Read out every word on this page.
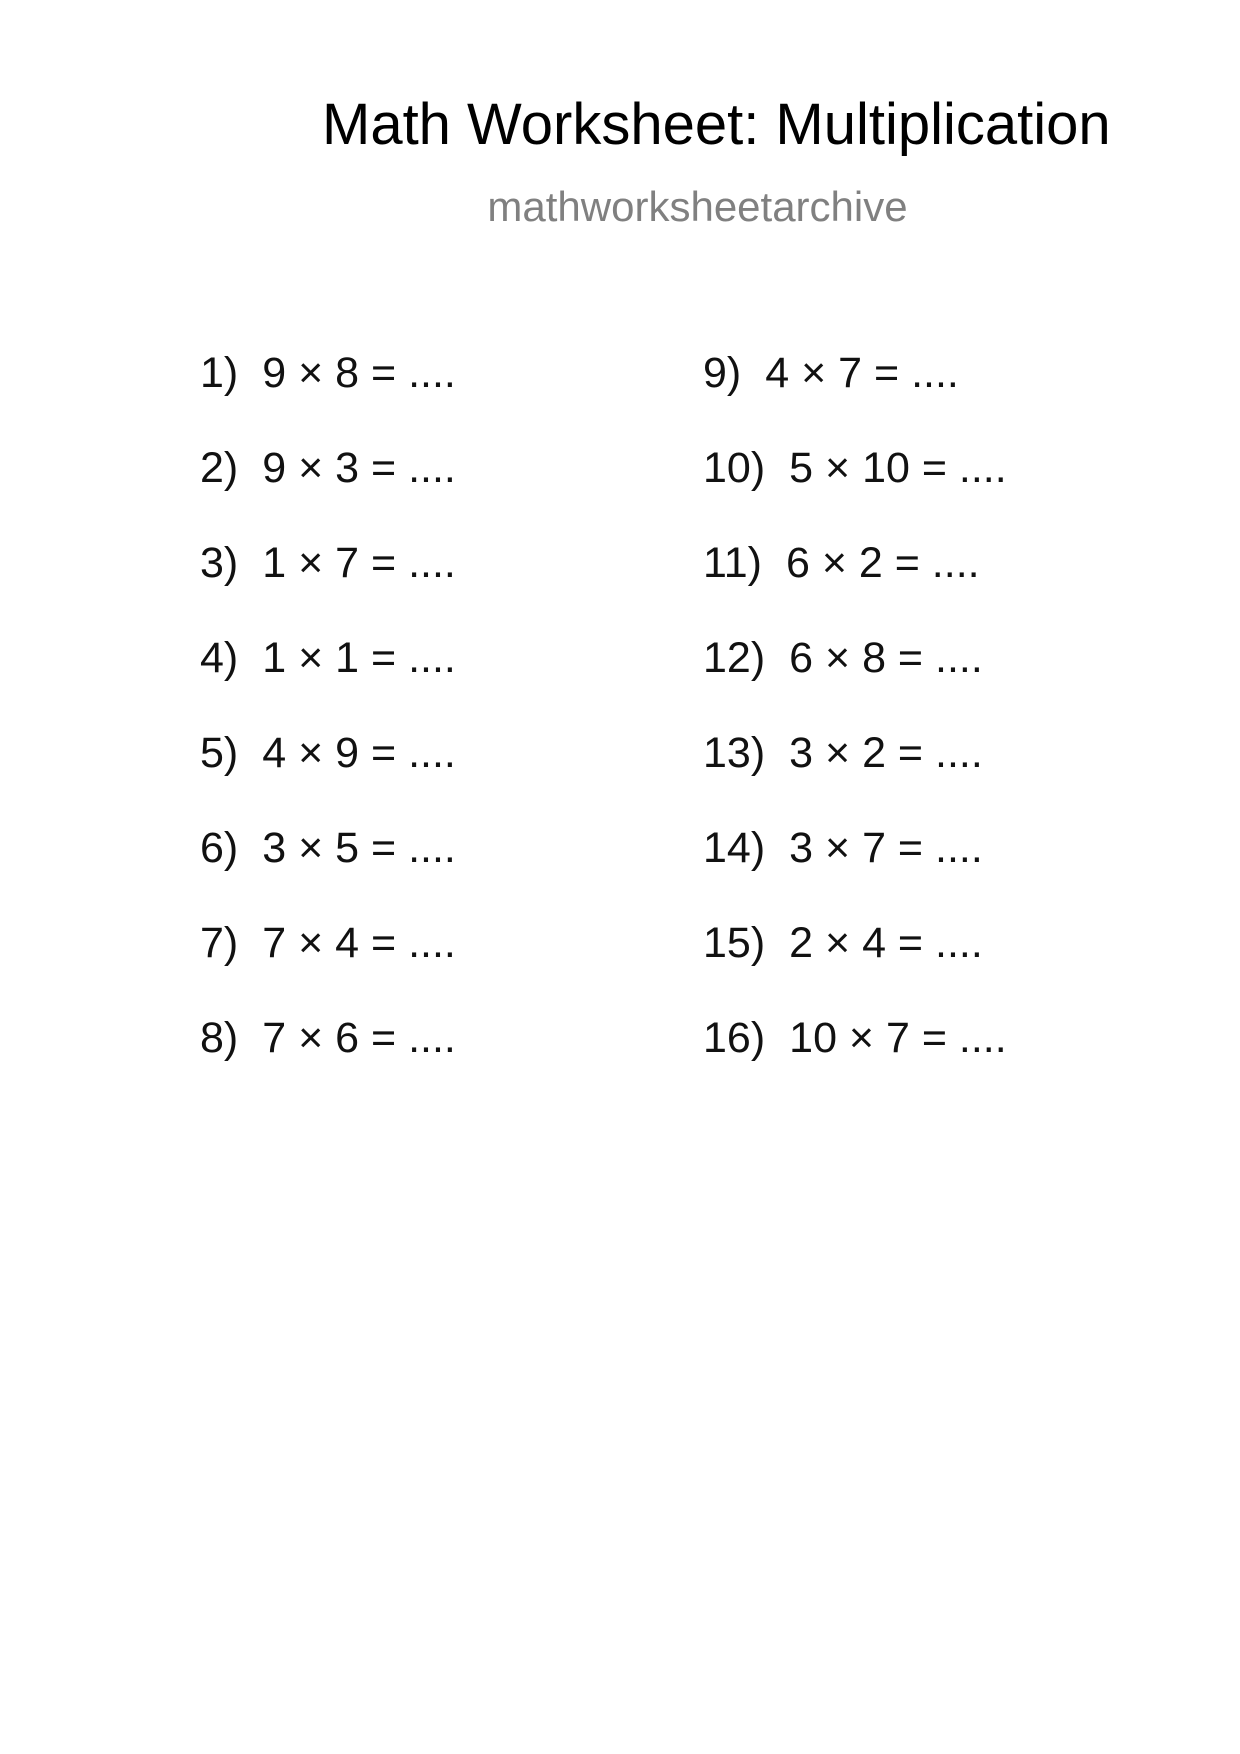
Math Worksheet: Multiplication
mathworksheetarchive
1) 9 × 8 = ....
2) 9 × 3 = ....
3) 1 × 7 = ....
4) 1 × 1 = ....
5) 4 × 9 = ....
6) 3 × 5 = ....
7) 7 × 4 = ....
8) 7 × 6 = ....
9) 4 × 7 = ....
10) 5 × 10 = ....
11) 6 × 2 = ....
12) 6 × 8 = ....
13) 3 × 2 = ....
14) 3 × 7 = ....
15) 2 × 4 = ....
16) 10 × 7 = ....
